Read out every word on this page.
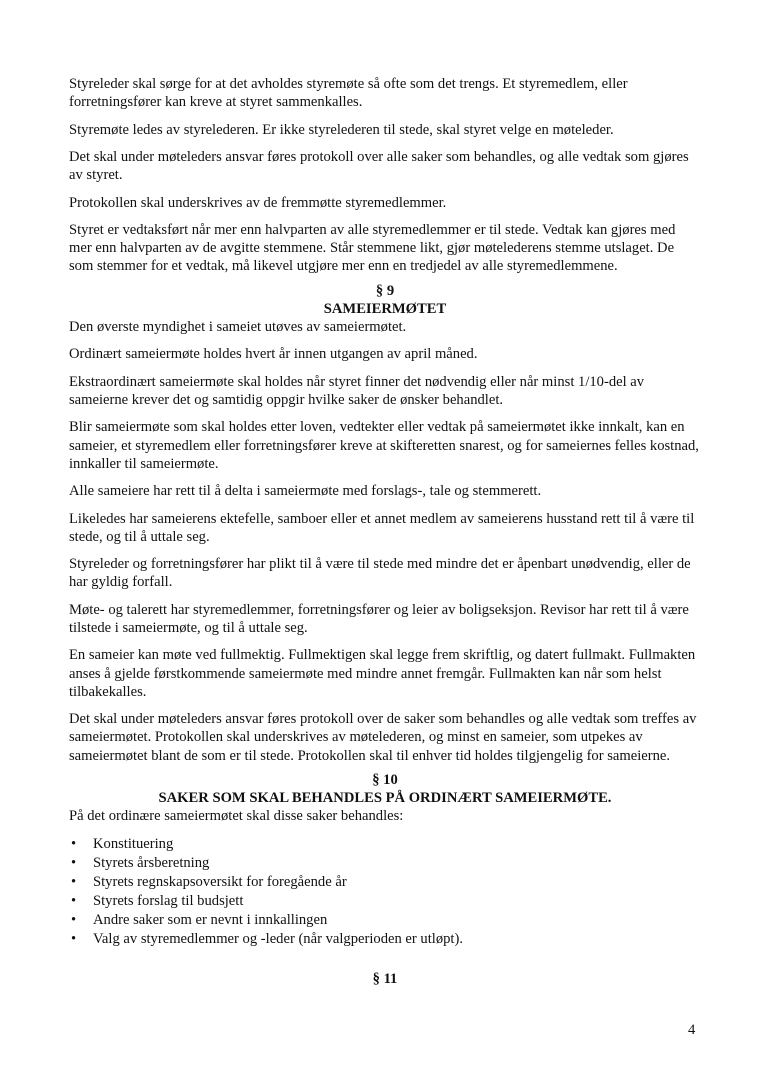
Styreleder skal sørge for at det avholdes styremøte så ofte som det trengs. Et styremedlem, eller forretningsfører kan kreve at styret sammenkalles.

Styremøte ledes av styrelederen. Er ikke styrelederen til stede, skal styret velge en møteleder.

Det skal under møteleders ansvar føres protokoll over alle saker som behandles, og alle vedtak som gjøres av styret.

Protokollen skal underskrives av de fremmøtte styremedlemmer.

Styret er vedtaksført når mer enn halvparten av alle styremedlemmer er til stede. Vedtak kan gjøres med mer enn halvparten av de avgitte stemmene. Står stemmene likt, gjør møtelederens stemme utslaget. De som stemmer for et vedtak, må likevel utgjøre mer enn en tredjedel av alle styremedlemmene.

§ 9
SAMEIERMØTET

Den øverste myndighet i sameiet utøves av sameiermøtet.

Ordinært sameiermøte holdes hvert år innen utgangen av april måned.

Ekstraordinært sameiermøte skal holdes når styret finner det nødvendig eller når minst 1/10-del av sameierne krever det og samtidig oppgir hvilke saker de ønsker behandlet.

Blir sameiermøte som skal holdes etter loven, vedtekter eller vedtak på sameiermøtet ikke innkalt, kan en sameier, et styremedlem eller forretningsfører kreve at skifteretten snarest, og for sameiernes felles kostnad, innkaller til sameiermøte.

Alle sameiere har rett til å delta i sameiermøte med forslags-, tale og stemmerett.

Likeledes har sameierens ektefelle, samboer eller et annet medlem av sameierens husstand rett til å være til stede, og til å uttale seg.

Styreleder og forretningsfører har plikt til å være til stede med mindre det er åpenbart unødvendig, eller de har gyldig forfall.

Møte- og talerett har styremedlemmer, forretningsfører og leier av boligseksjon. Revisor har rett til å være tilstede i sameiermøte, og til å uttale seg.

En sameier kan møte ved fullmektig. Fullmektigen skal legge frem skriftlig, og datert fullmakt. Fullmakten anses å gjelde førstkommende sameiermøte med mindre annet fremgår. Fullmakten kan når som helst tilbakekalles.

Det skal under møteleders ansvar føres protokoll over de saker som behandles og alle vedtak som treffes av sameiermøtet. Protokollen skal underskrives av møtelederen, og minst en sameier, som utpekes av sameiermøtet blant de som er til stede. Protokollen skal til enhver tid holdes tilgjengelig for sameierne.

§ 10
SAKER SOM SKAL BEHANDLES PÅ ORDINÆRT SAMEIERMØTE.

På det ordinære sameiermøtet skal disse saker behandles:

• Konstituering
• Styrets årsberetning
• Styrets regnskapsoversikt for foregående år
• Styrets forslag til budsjett
• Andre saker som er nevnt i innkallingen
• Valg av styremedlemmer og -leder (når valgperioden er utløpt).
§ 11
4
